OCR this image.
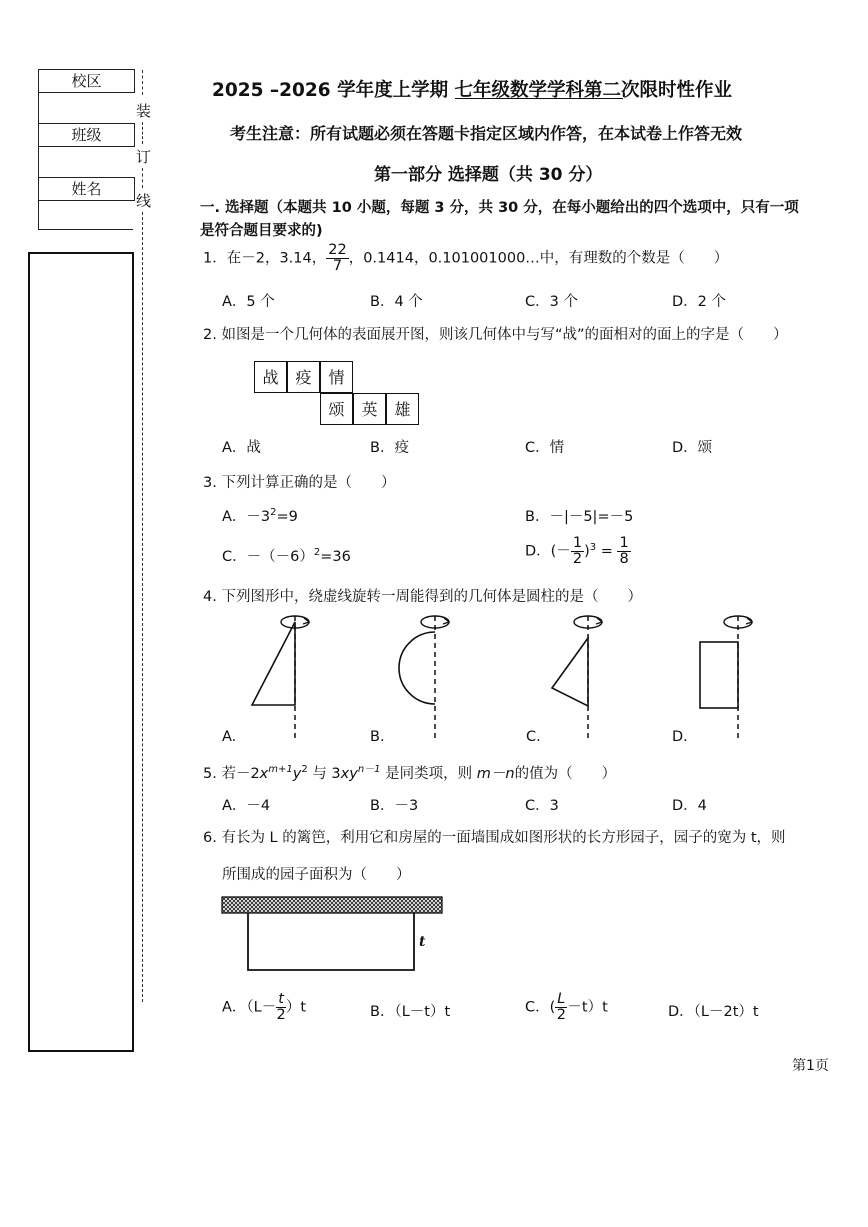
校区
班级
姓名
装
订
线
2025 –2026 学年度上学期 七年级数学学科第二次限时性作业
考生注意：所有试题必须在答题卡指定区域内作答，在本试卷上作答无效
第一部分 选择题（共 30 分）
一. 选择题（本题共 10 小题，每题 3 分，共 30 分，在每小题给出的四个选项中，只有一项
是符合题目要求的)
1．在－2，3.14， $\frac{22}{7}$ ，0.1414，0.101001000…中，有理数的个数是（　　）
A．5 个	B．4 个	C．3 个	D．2 个
2. 如图是一个几何体的表面展开图，则该几何体中与写“战”的面相对的面上的字是（　　）
战	疫	情
颂	英	雄
A．战	B．疫	C．情	D．颂
3. 下列计算正确的是（　　）
A．$-3^2=9$	B．－|－5|=－5
C．$-(-6)^2=36$	D．(－ $\frac{1}{2} )^3 = \frac{1}{8}$
4. 下列图形中，绕虚线旋转一周能得到的几何体是圆柱的是（　　）
A.	B.	C.	D.
5. 若$-2x^{m+1}y^2$ 与 $3xy^{n-1}$ 是同类项，则 m－n的值为（　　）
A．－4	B．－3	C．3	D．4
6. 有长为 L 的篱笆，利用它和房屋的一面墙围成如图形状的长方形园子，园子的宽为 t，则
所围成的园子面积为（　　）
t
A．$(L- \frac{t}{2} )t$	B．（L－t）t	C．( $\frac{L}{2} -t)t$	D．（L－2t）t
第1页
